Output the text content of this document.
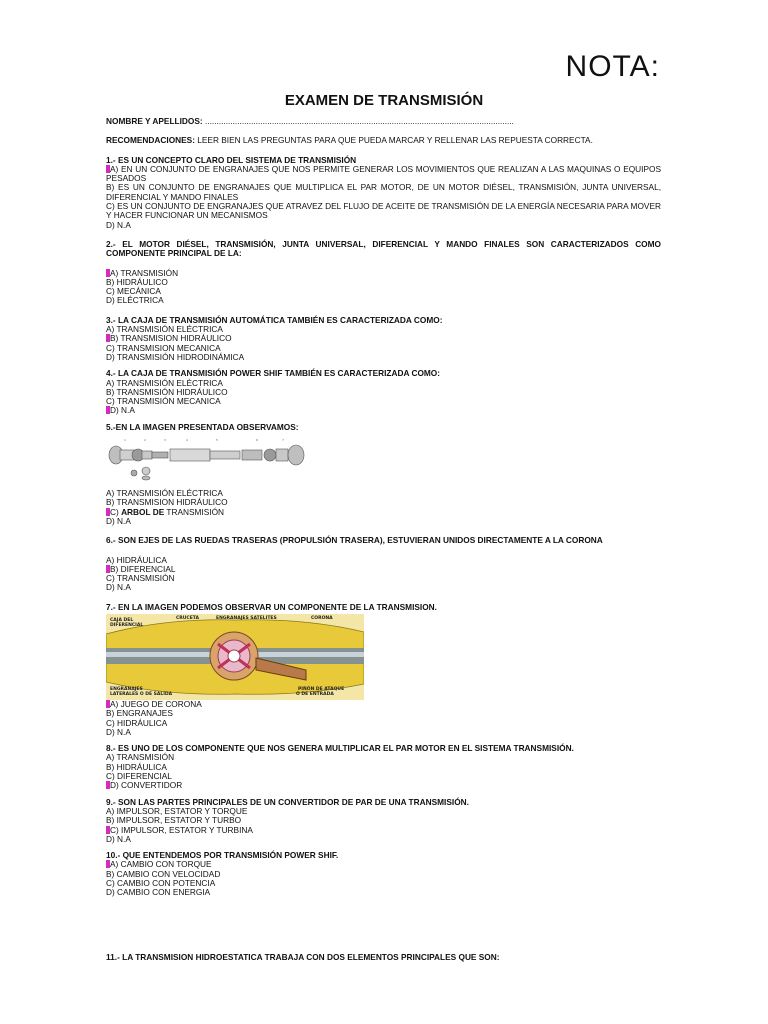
NOTA:
EXAMEN DE TRANSMISIÓN
NOMBRE Y APELLIDOS: ......................................................................................................................................
RECOMENDACIONES: LEER BIEN LAS PREGUNTAS PARA QUE PUEDA MARCAR Y RELLENAR LAS REPUESTA CORRECTA.
1.- ES UN CONCEPTO CLARO DEL SISTEMA DE TRANSMISIÓN
A) EN UN CONJUNTO DE ENGRANAJES QUE NOS PERMITE GENERAR LOS MOVIMIENTOS QUE REALIZAN A LAS MAQUINAS O EQUIPOS PESADOS
B) ES UN CONJUNTO DE ENGRANAJES QUE MULTIPLICA EL PAR MOTOR, DE UN MOTOR DIÉSEL, TRANSMISIÓN, JUNTA UNIVERSAL, DIFERENCIAL Y MANDO FINALES
C) ES UN CONJUNTO DE ENGRANAJES QUE ATRAVEZ DEL FLUJO DE ACEITE DE TRANSMISIÓN DE LA ENERGÍA NECESARIA PARA MOVER Y HACER FUNCIONAR UN MECANISMOS
D) N.A
2.- EL MOTOR DIÉSEL, TRANSMISIÓN, JUNTA UNIVERSAL, DIFERENCIAL Y MANDO FINALES SON CARACTERIZADOS COMO COMPONENTE PRINCIPAL DE LA:
A) TRANSMISIÓN
B) HIDRÁULICO
C) MECÁNICA
D) ELÉCTRICA
3.- LA CAJA DE TRANSMISIÓN AUTOMÁTICA TAMBIÉN ES CARACTERIZADA COMO:
A) TRANSMISIÓN ELÉCTRICA
B) TRANSMISION HIDRÁULICO
C) TRANSMISION MECANICA
D) TRANSMISIÓN HIDRODINÁMICA
4.- LA CAJA DE TRANSMISIÓN POWER SHIF TAMBIÉN ES CARACTERIZADA COMO:
A) TRANSMISIÓN ELÉCTRICA
B) TRANSMISIÓN HIDRÁULICO
C) TRANSMISIÓN MECANICA
D) N.A
5.-EN LA IMAGEN PRESENTADA OBSERVAMOS:
1	2	3	4	5	6	7
A) TRANSMISIÓN ELÉCTRICA
B) TRANSMISION HIDRÁULICO
C) ARBOL DE TRANSMISIÓN
D) N.A
6.- SON EJES DE LAS RUEDAS TRASERAS (PROPULSIÓN TRASERA), ESTUVIERAN UNIDOS DIRECTAMENTE A LA CORONA
A) HIDRÁULICA
B) DIFERENCIAL
C) TRANSMISIÓN
D) N.A
7.- EN LA IMAGEN PODEMOS OBSERVAR UN COMPONENTE DE LA TRANSMISION.
CAJA DEL
DIFERENCIAL
CRUCETA	ENGRANAJES SATELITES	CORONA
ENGRANAJES
LATERALES O DE SALIDA
PIÑÓN DE ATAQUE
O DE ENTRADA
A) JUEGO DE CORONA
B) ENGRANAJES
C) HIDRÁULICA
D) N.A
8.- ES UNO DE LOS COMPONENTE QUE NOS GENERA MULTIPLICAR EL PAR MOTOR EN EL SISTEMA TRANSMISIÓN.
A) TRANSMISIÓN
B) HIDRÁULICA
C) DIFERENCIAL
D) CONVERTIDOR
9.- SON LAS PARTES PRINCIPALES DE UN CONVERTIDOR DE PAR DE UNA TRANSMISIÓN.
A) IMPULSOR, ESTATOR Y TORQUE
B) IMPULSOR, ESTATOR Y TURBO
C) IMPULSOR, ESTATOR Y TURBINA
D) N.A
10.- QUE ENTENDEMOS POR TRANSMISIÓN POWER SHIF.
A) CAMBIO CON TORQUE
B) CAMBIO CON VELOCIDAD
C) CAMBIO CON POTENCIA
D) CAMBIO CON ENERGIA
11.- LA TRANSMISION HIDROESTATICA TRABAJA CON DOS ELEMENTOS PRINCIPALES QUE SON:
